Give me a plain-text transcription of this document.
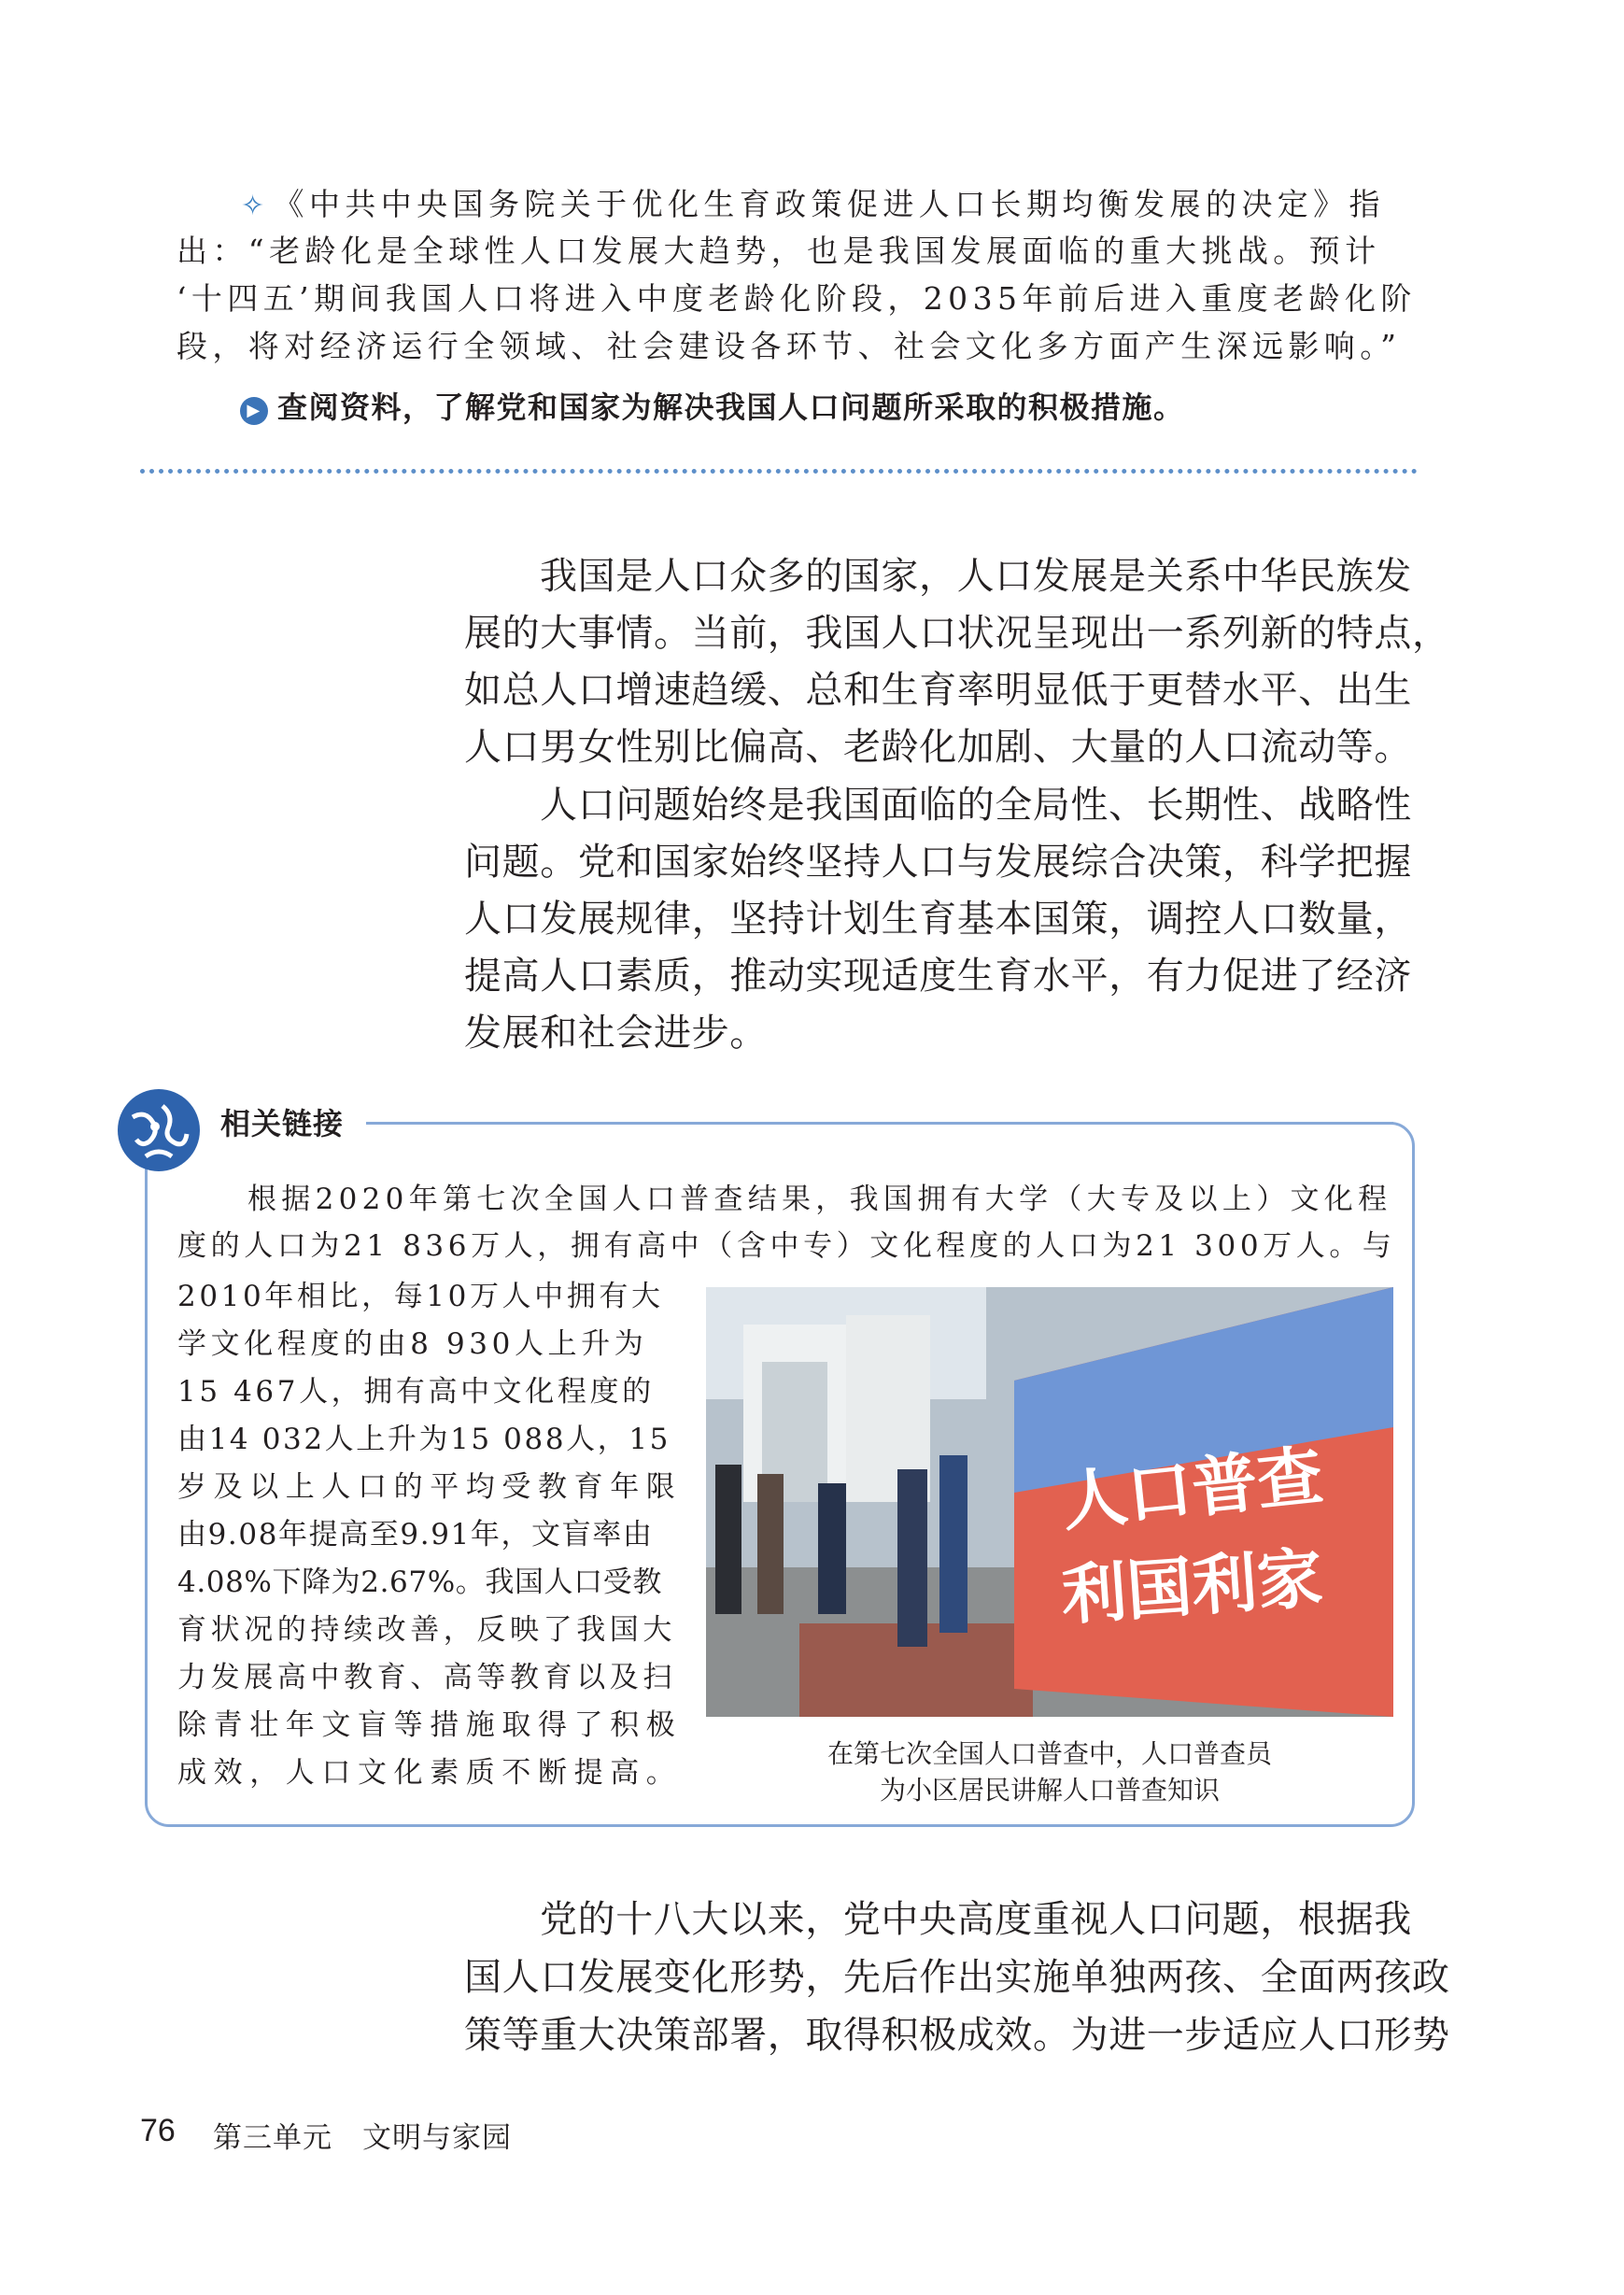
✧ 《中共中央国务院关于优化生育政策促进人口长期均衡发展的决定》指
出：“老龄化是全球性人口发展大趋势，也是我国发展面临的重大挑战。预计
‘十四五’期间我国人口将进入中度老龄化阶段，2035年前后进入重度老龄化阶
段，将对经济运行全领域、社会建设各环节、社会文化多方面产生深远影响。”
▶ 查阅资料，了解党和国家为解决我国人口问题所采取的积极措施。
我国是人口众多的国家，人口发展是关系中华民族发
展的大事情。当前，我国人口状况呈现出一系列新的特点，
如总人口增速趋缓、总和生育率明显低于更替水平、出生
人口男女性别比偏高、老龄化加剧、大量的人口流动等。
人口问题始终是我国面临的全局性、长期性、战略性
问题。党和国家始终坚持人口与发展综合决策，科学把握
人口发展规律，坚持计划生育基本国策，调控人口数量，
提高人口素质，推动实现适度生育水平，有力促进了经济
发展和社会进步。
相关链接
根据2020年第七次全国人口普查结果，我国拥有大学（大专及以上）文化程
度的人口为21 836万人，拥有高中（含中专）文化程度的人口为21 300万人。与
2010年相比，每10万人中拥有大
学文化程度的由8 930人上升为
15 467人，拥有高中文化程度的
由14 032人上升为15 088人，15
岁及以上人口的平均受教育年限
由9.08年提高至9.91年，文盲率由
4.08%下降为2.67%。我国人口受教
育状况的持续改善，反映了我国大
力发展高中教育、高等教育以及扫
除青壮年文盲等措施取得了积极
成效，人口文化素质不断提高。
人口普查
利国利家
在第七次全国人口普查中，人口普查员
为小区居民讲解人口普查知识
党的十八大以来，党中央高度重视人口问题，根据我
国人口发展变化形势，先后作出实施单独两孩、全面两孩政
策等重大决策部署，取得积极成效。为进一步适应人口形势
76 第三单元　文明与家园
